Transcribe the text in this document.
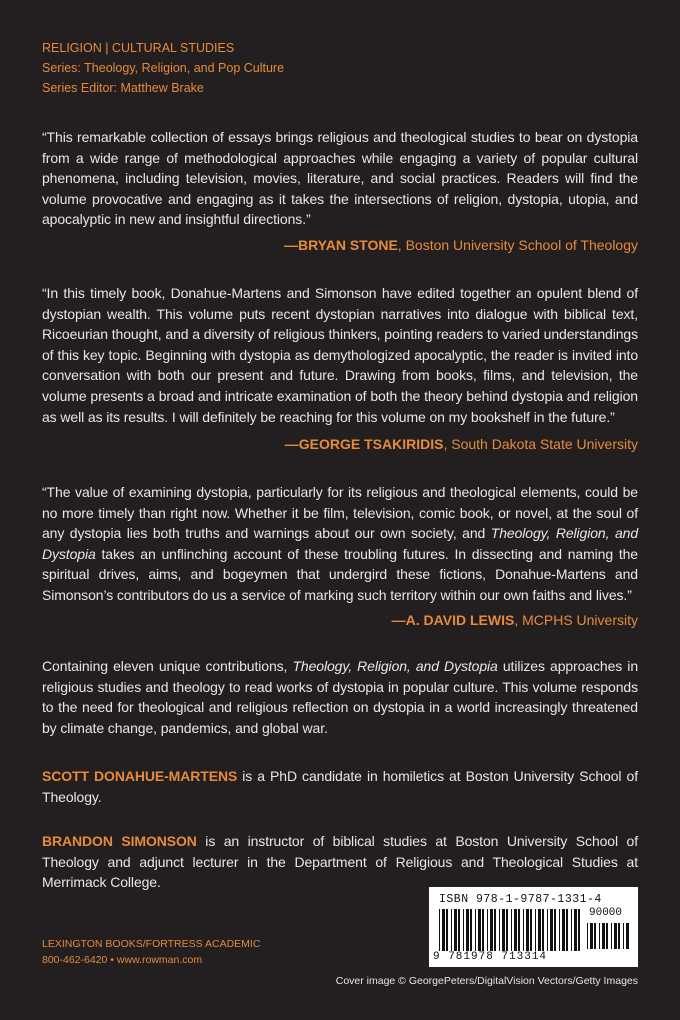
RELIGION | CULTURAL STUDIES
Series: Theology, Religion, and Pop Culture
Series Editor: Matthew Brake
“This remarkable collection of essays brings religious and theological studies to bear on dystopia from a wide range of methodological approaches while engaging a variety of popular cultural phenomena, including television, movies, literature, and social practices. Readers will find the volume provocative and engaging as it takes the intersections of religion, dystopia, utopia, and apocalyptic in new and insightful directions.”
—BRYAN STONE, Boston University School of Theology
“In this timely book, Donahue-Martens and Simonson have edited together an opulent blend of dystopian wealth. This volume puts recent dystopian narratives into dialogue with biblical text, Ricoeurian thought, and a diversity of religious thinkers, pointing readers to varied understandings of this key topic. Beginning with dystopia as demythologized apocalyptic, the reader is invited into conversation with both our present and future. Drawing from books, films, and television, the volume presents a broad and intricate examination of both the theory behind dystopia and religion as well as its results. I will definitely be reaching for this volume on my bookshelf in the future.”
—GEORGE TSAKIRIDIS, South Dakota State University
“The value of examining dystopia, particularly for its religious and theological elements, could be no more timely than right now. Whether it be film, television, comic book, or novel, at the soul of any dystopia lies both truths and warnings about our own society, and Theology, Religion, and Dystopia takes an unflinching account of these troubling futures. In dissecting and naming the spiritual drives, aims, and bogeymen that undergird these fictions, Donahue-Martens and Simonson’s contributors do us a service of marking such territory within our own faiths and lives.”
—A. DAVID LEWIS, MCPHS University
Containing eleven unique contributions, Theology, Religion, and Dystopia utilizes approaches in religious studies and theology to read works of dystopia in popular culture. This volume responds to the need for theological and religious reflection on dystopia in a world increasingly threatened by climate change, pandemics, and global war.
SCOTT DONAHUE-MARTENS is a PhD candidate in homiletics at Boston University School of Theology.
BRANDON SIMONSON is an instructor of biblical studies at Boston University School of Theology and adjunct lecturer in the Department of Religious and Theological Studies at Merrimack College.
LEXINGTON BOOKS/FORTRESS ACADEMIC
800-462-6420 • www.rowman.com
ISBN 978-1-9787-1331-4
90000
9 781978 713314
Cover image © GeorgePeters/DigitalVision Vectors/Getty Images
